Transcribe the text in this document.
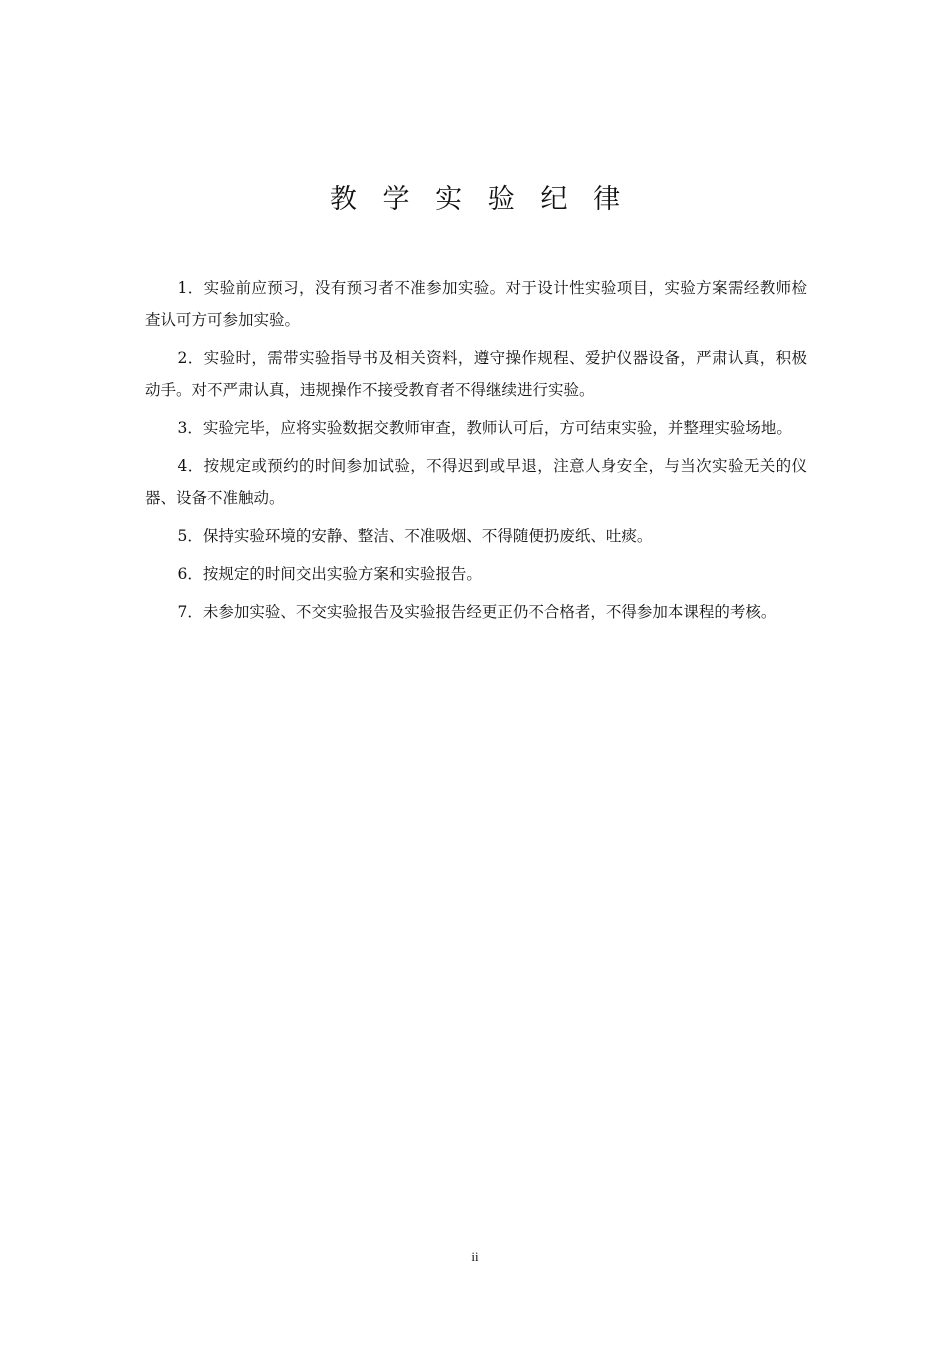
教学实验纪律

1．实验前应预习，没有预习者不准参加实验。对于设计性实验项目，实验方案需经教师检查认可方可参加实验。

2．实验时，需带实验指导书及相关资料，遵守操作规程、爱护仪器设备，严肃认真，积极动手。对不严肃认真，违规操作不接受教育者不得继续进行实验。

3．实验完毕，应将实验数据交教师审查，教师认可后，方可结束实验，并整理实验场地。

4．按规定或预约的时间参加试验，不得迟到或早退，注意人身安全，与当次实验无关的仪器、设备不准触动。

5．保持实验环境的安静、整洁、不准吸烟、不得随便扔废纸、吐痰。

6．按规定的时间交出实验方案和实验报告。

7．未参加实验、不交实验报告及实验报告经更正仍不合格者，不得参加本课程的考核。

ii
